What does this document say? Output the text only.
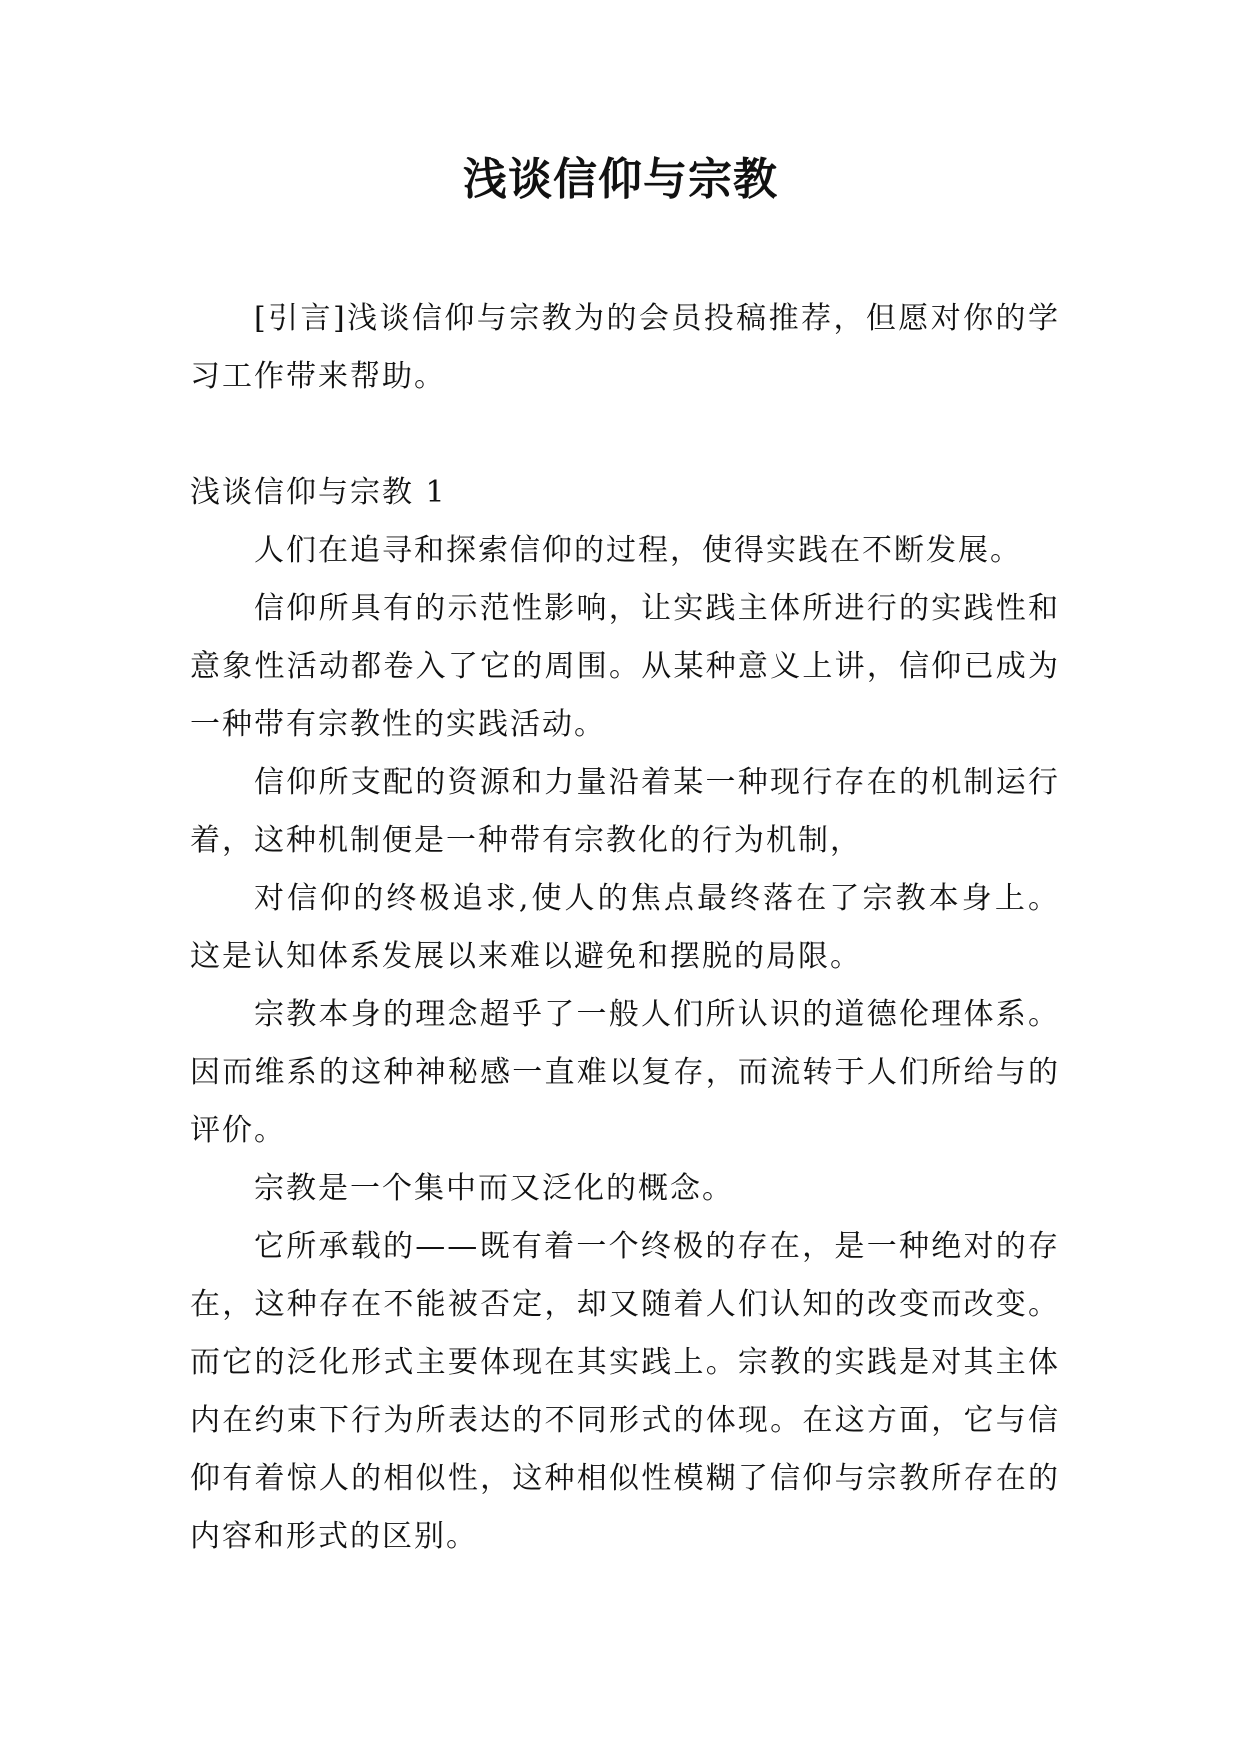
浅谈信仰与宗教

[引言]浅谈信仰与宗教为的会员投稿推荐，但愿对你的学习工作带来帮助。

浅谈信仰与宗教 1

人们在追寻和探索信仰的过程，使得实践在不断发展。

信仰所具有的示范性影响，让实践主体所进行的实践性和意象性活动都卷入了它的周围。从某种意义上讲，信仰已成为一种带有宗教性的实践活动。

信仰所支配的资源和力量沿着某一种现行存在的机制运行着，这种机制便是一种带有宗教化的行为机制，

对信仰的终极追求,使人的焦点最终落在了宗教本身上。这是认知体系发展以来难以避免和摆脱的局限。

宗教本身的理念超乎了一般人们所认识的道德伦理体系。因而维系的这种神秘感一直难以复存，而流转于人们所给与的评价。

宗教是一个集中而又泛化的概念。

它所承载的——既有着一个终极的存在，是一种绝对的存在，这种存在不能被否定，却又随着人们认知的改变而改变。而它的泛化形式主要体现在其实践上。宗教的实践是对其主体内在约束下行为所表达的不同形式的体现。在这方面，它与信仰有着惊人的相似性，这种相似性模糊了信仰与宗教所存在的内容和形式的区别。
